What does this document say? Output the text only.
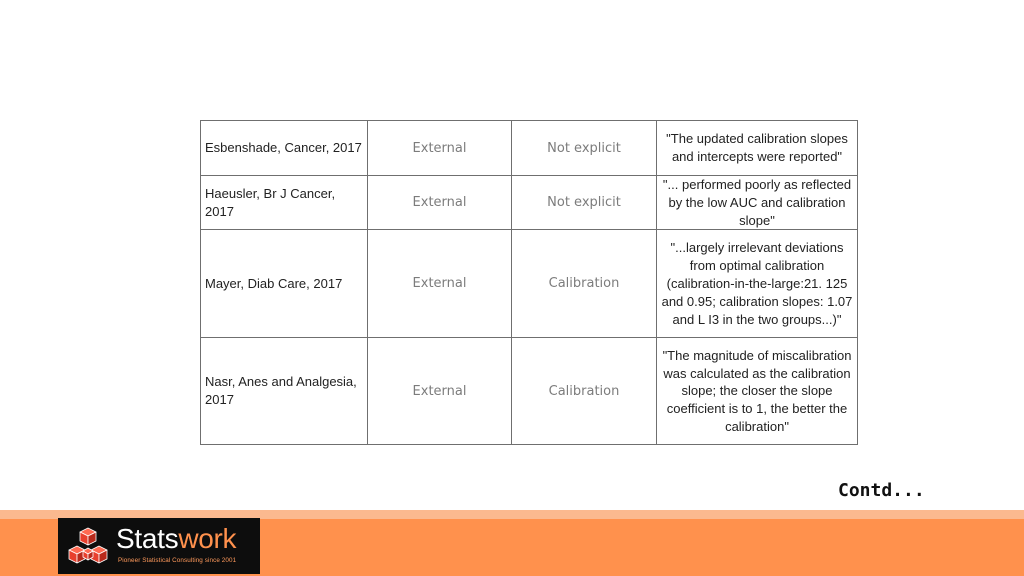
Esbenshade, Cancer, 2017	External	Not explicit	"The updated calibration slopes and intercepts were reported"
Haeusler, Br J Cancer, 2017	External	Not explicit	"... performed poorly as reflected by the low AUC and calibration slope"
Mayer, Diab Care, 2017	External	Calibration	"...largely irrelevant deviations from optimal calibration (calibration-in-the-large:21. 125 and 0.95; calibration slopes: 1.07 and L I3 in the two groups...)"
Nasr, Anes and Analgesia, 2017	External	Calibration	"The magnitude of miscalibration was calculated as the calibration slope; the closer the slope coefficient is to 1, the better the calibration"
Contd...
Statswork
Pioneer Statistical Consulting since 2001
